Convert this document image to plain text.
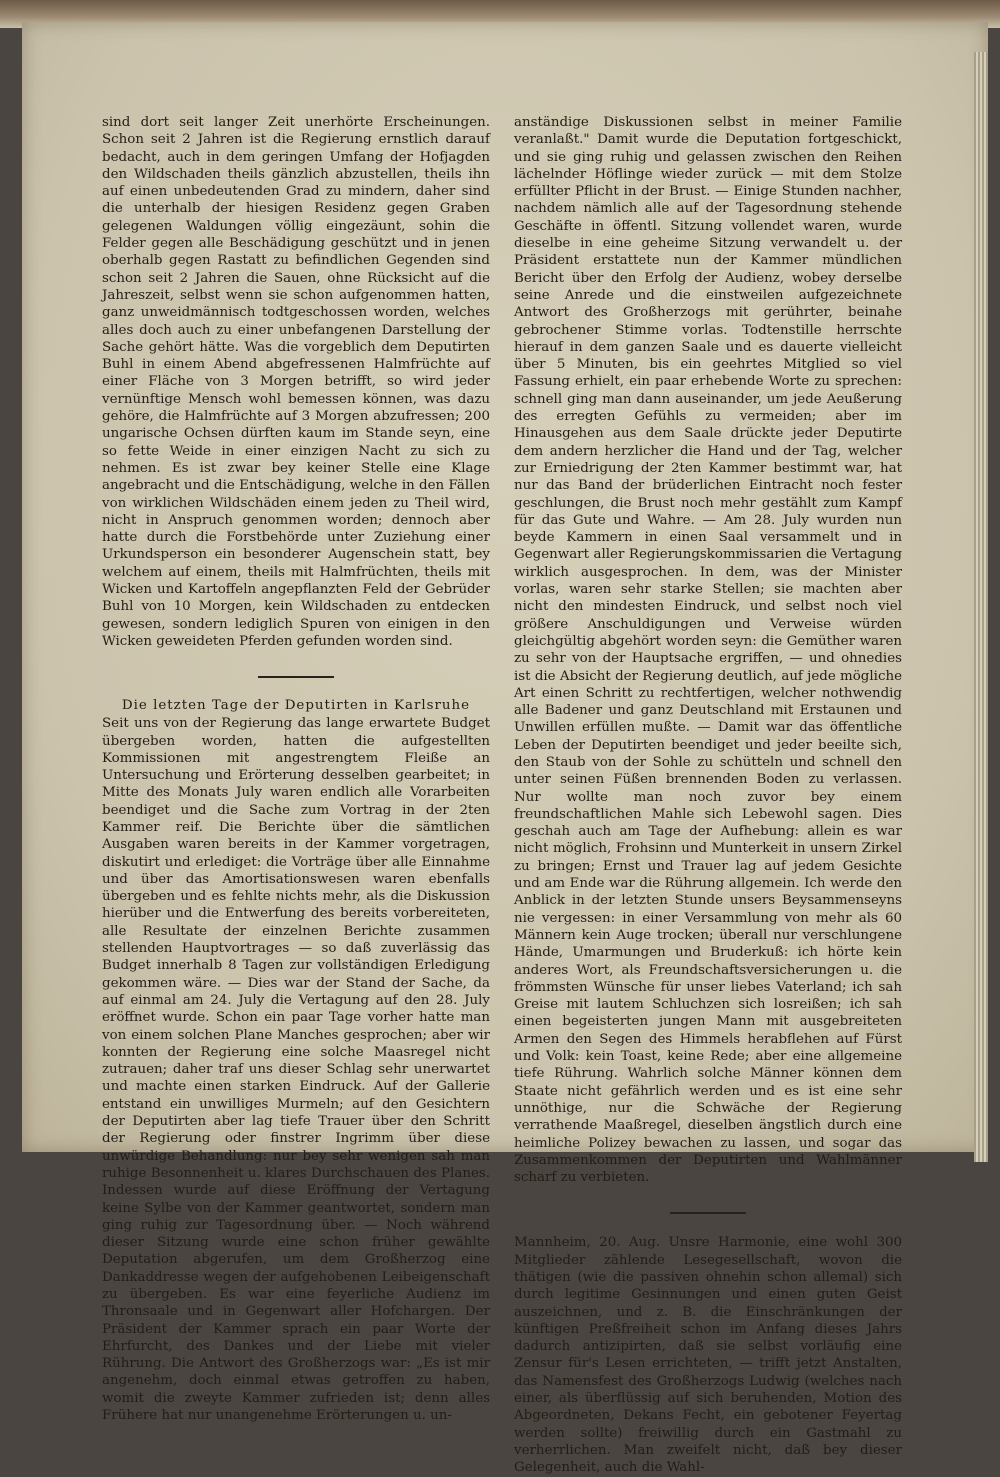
sind dort seit langer Zeit unerhörte Erscheinungen. Schon seit 2 Jahren ist die Regierung ernstlich darauf bedacht, auch in dem geringen Umfang der Hofjagden den Wildschaden theils gänzlich abzustellen, theils ihn auf einen unbedeutenden Grad zu mindern, daher sind die unterhalb der hiesigen Residenz gegen Graben gelegenen Waldungen völlig eingezäunt, sohin die Felder gegen alle Beschädigung geschützt und in jenen oberhalb gegen Rastatt zu befindlichen Gegenden sind schon seit 2 Jahren die Sauen, ohne Rücksicht auf die Jahreszeit, selbst wenn sie schon aufgenommen hatten, ganz unweidmännisch todtgeschossen worden, welches alles doch auch zu einer unbefangenen Darstellung der Sache gehört hätte. Was die vorgeblich dem Deputirten Buhl in einem Abend abgefressenen Halmfrüchte auf einer Fläche von 3 Morgen betrifft, so wird jeder vernünftige Mensch wohl bemessen können, was dazu gehöre, die Halmfrüchte auf 3 Morgen abzufressen; 200 ungarische Ochsen dürften kaum im Stande seyn, eine so fette Weide in einer einzigen Nacht zu sich zu nehmen. Es ist zwar bey keiner Stelle eine Klage angebracht und die Entschädigung, welche in den Fällen von wirklichen Wildschäden einem jeden zu Theil wird, nicht in Anspruch genommen worden; dennoch aber hatte durch die Forstbehörde unter Zuziehung einer Urkundsperson ein besonderer Augenschein statt, bey welchem auf einem, theils mit Halmfrüchten, theils mit Wicken und Kartoffeln angepflanzten Feld der Gebrüder Buhl von 10 Morgen, kein Wildschaden zu entdecken gewesen, sondern lediglich Spuren von einigen in den Wicken geweideten Pferden gefunden worden sind.

Die letzten Tage der Deputirten in Karlsruhe

Seit uns von der Regierung das lange erwartete Budget übergeben worden, hatten die aufgestellten Kommissionen mit angestrengtem Fleiße an Untersuchung und Erörterung desselben gearbeitet; in Mitte des Monats July waren endlich alle Vorarbeiten beendiget und die Sache zum Vortrag in der 2ten Kammer reif. Die Berichte über die sämtlichen Ausgaben waren bereits in der Kammer vorgetragen, diskutirt und erlediget: die Vorträge über alle Einnahme und über das Amortisationswesen waren ebenfalls übergeben und es fehlte nichts mehr, als die Diskussion hierüber und die Entwerfung des bereits vorbereiteten, alle Resultate der einzelnen Berichte zusammen stellenden Hauptvortrages — so daß zuverlässig das Budget innerhalb 8 Tagen zur vollständigen Erledigung gekommen wäre. — Dies war der Stand der Sache, da auf einmal am 24. July die Vertagung auf den 28. July eröffnet wurde. Schon ein paar Tage vorher hatte man von einem solchen Plane Manches gesprochen; aber wir konnten der Regierung eine solche Maasregel nicht zutrauen; daher traf uns dieser Schlag sehr unerwartet und machte einen starken Eindruck. Auf der Gallerie entstand ein unwilliges Murmeln; auf den Gesichtern der Deputirten aber lag tiefe Trauer über den Schritt der Regierung oder finstrer Ingrimm über diese unwürdige Behandlung: nur bey sehr wenigen sah man ruhige Besonnenheit u. klares Durchschauen des Planes. Indessen wurde auf diese Eröffnung der Vertagung keine Sylbe von der Kammer geantwortet, sondern man ging ruhig zur Tagesordnung über. — Noch während dieser Sitzung wurde eine schon früher gewählte Deputation abgerufen, um dem Großherzog eine Dankaddresse wegen der aufgehobenen Leibeigenschaft zu übergeben. Es war eine feyerliche Audienz im Thronsaale und in Gegenwart aller Hofchargen. Der Präsident der Kammer sprach ein paar Worte der Ehrfurcht, des Dankes und der Liebe mit vieler Rührung. Die Antwort des Großherzogs war: „Es ist mir angenehm, doch einmal etwas getroffen zu haben, womit die zweyte Kammer zufrieden ist; denn alles Frühere hat nur unangenehme Erörterungen u. un-

anständige Diskussionen selbst in meiner Familie veranlaßt." Damit wurde die Deputation fortgeschickt, und sie ging ruhig und gelassen zwischen den Reihen lächelnder Höflinge wieder zurück — mit dem Stolze erfüllter Pflicht in der Brust. — Einige Stunden nachher, nachdem nämlich alle auf der Tagesordnung stehende Geschäfte in öffentl. Sitzung vollendet waren, wurde dieselbe in eine geheime Sitzung verwandelt u. der Präsident erstattete nun der Kammer mündlichen Bericht über den Erfolg der Audienz, wobey derselbe seine Anrede und die einstweilen aufgezeichnete Antwort des Großherzogs mit gerührter, beinahe gebrochener Stimme vorlas. Todtenstille herrschte hierauf in dem ganzen Saale und es dauerte vielleicht über 5 Minuten, bis ein geehrtes Mitglied so viel Fassung erhielt, ein paar erhebende Worte zu sprechen: schnell ging man dann auseinander, um jede Aeußerung des erregten Gefühls zu vermeiden; aber im Hinausgehen aus dem Saale drückte jeder Deputirte dem andern herzlicher die Hand und der Tag, welcher zur Erniedrigung der 2ten Kammer bestimmt war, hat nur das Band der brüderlichen Eintracht noch fester geschlungen, die Brust noch mehr gestählt zum Kampf für das Gute und Wahre. — Am 28. July wurden nun beyde Kammern in einen Saal versammelt und in Gegenwart aller Regierungskommissarien die Vertagung wirklich ausgesprochen. In dem, was der Minister vorlas, waren sehr starke Stellen; sie machten aber nicht den mindesten Eindruck, und selbst noch viel größere Anschuldigungen und Verweise würden gleichgültig abgehört worden seyn: die Gemüther waren zu sehr von der Hauptsache ergriffen, — und ohnedies ist die Absicht der Regierung deutlich, auf jede mögliche Art einen Schritt zu rechtfertigen, welcher nothwendig alle Badener und ganz Deutschland mit Erstaunen und Unwillen erfüllen mußte. — Damit war das öffentliche Leben der Deputirten beendiget und jeder beeilte sich, den Staub von der Sohle zu schütteln und schnell den unter seinen Füßen brennenden Boden zu verlassen. Nur wollte man noch zuvor bey einem freundschaftlichen Mahle sich Lebewohl sagen. Dies geschah auch am Tage der Aufhebung: allein es war nicht möglich, Frohsinn und Munterkeit in unsern Zirkel zu bringen; Ernst und Trauer lag auf jedem Gesichte und am Ende war die Rührung allgemein. Ich werde den Anblick in der letzten Stunde unsers Beysammenseyns nie vergessen: in einer Versammlung von mehr als 60 Männern kein Auge trocken; überall nur verschlungene Hände, Umarmungen und Bruderkuß: ich hörte kein anderes Wort, als Freundschaftsversicherungen u. die frömmsten Wünsche für unser liebes Vaterland; ich sah Greise mit lautem Schluchzen sich losreißen; ich sah einen begeisterten jungen Mann mit ausgebreiteten Armen den Segen des Himmels herabflehen auf Fürst und Volk: kein Toast, keine Rede; aber eine allgemeine tiefe Rührung. Wahrlich solche Männer können dem Staate nicht gefährlich werden und es ist eine sehr unnöthige, nur die Schwäche der Regierung verrathende Maaßregel, dieselben ängstlich durch eine heimliche Polizey bewachen zu lassen, und sogar das Zusammenkommen der Deputirten und Wahlmänner scharf zu verbieten.

Mannheim, 20. Aug. Unsre Harmonie, eine wohl 300 Mitglieder zählende Lesegesellschaft, wovon die thätigen (wie die passiven ohnehin schon allemal) sich durch legitime Gesinnungen und einen guten Geist auszeichnen, und z. B. die Einschränkungen der künftigen Preßfreiheit schon im Anfang dieses Jahrs dadurch antizipirten, daß sie selbst vorläufig eine Zensur für's Lesen errichteten, — trifft jetzt Anstalten, das Namensfest des Großherzogs Ludwig (welches nach einer, als überflüssig auf sich beruhenden, Motion des Abgeordneten, Dekans Fecht, ein gebotener Feyertag werden sollte) freiwillig durch ein Gastmahl zu verherrlichen. Man zweifelt nicht, daß bey dieser Gelegenheit, auch die Wahl-
